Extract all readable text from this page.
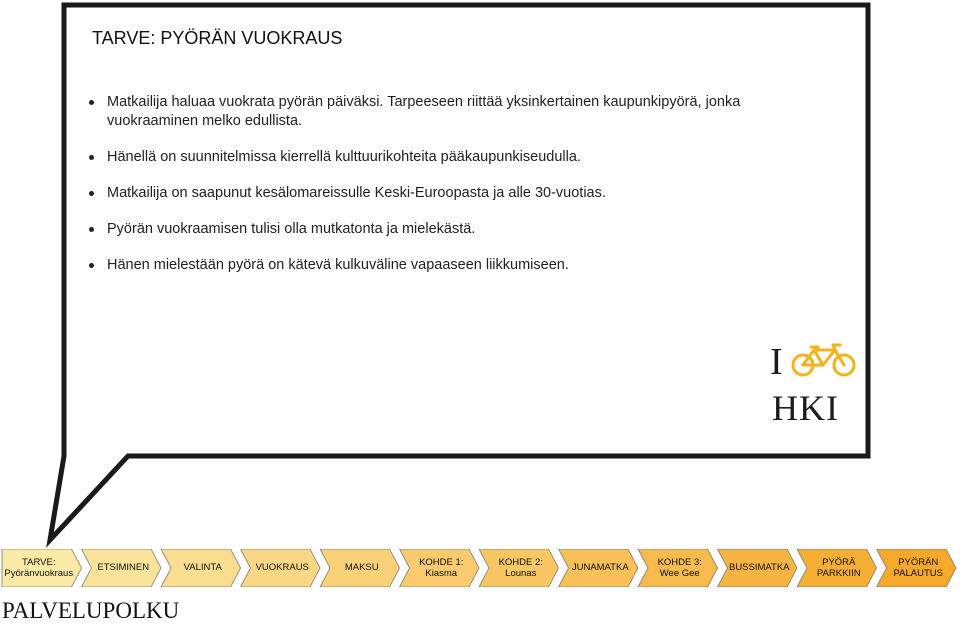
TARVE: PYÖRÄN VUOKRAUS
Matkailija haluaa vuokrata pyörän päiväksi. Tarpeeseen riittää yksinkertainen kaupunkipyörä, jonka vuokraaminen melko edullista.
Hänellä on suunnitelmissa kierrellä kulttuurikohteita pääkaupunkiseudulla.
Matkailija on saapunut kesälomareissulle Keski-Euroopasta ja alle 30-vuotias.
Pyörän vuokraamisen tulisi olla mutkatonta ja mielekästä.
Hänen mielestään pyörä on kätevä kulkuväline vapaaseen liikkumiseen.
I
HKI
TARVE:
Pyöränvuokraus
ETSIMINEN	VALINTA	VUOKRAUS	MAKSU
KOHDE 1:
Kiasma
KOHDE 2:
Lounas
JUNAMATKA
KOHDE 3:
Wee Gee
BUSSIMATKA
PYÖRÄ
PARKKIIN
PYÖRÄN
PALAUTUS
PALVELUPOLKU
